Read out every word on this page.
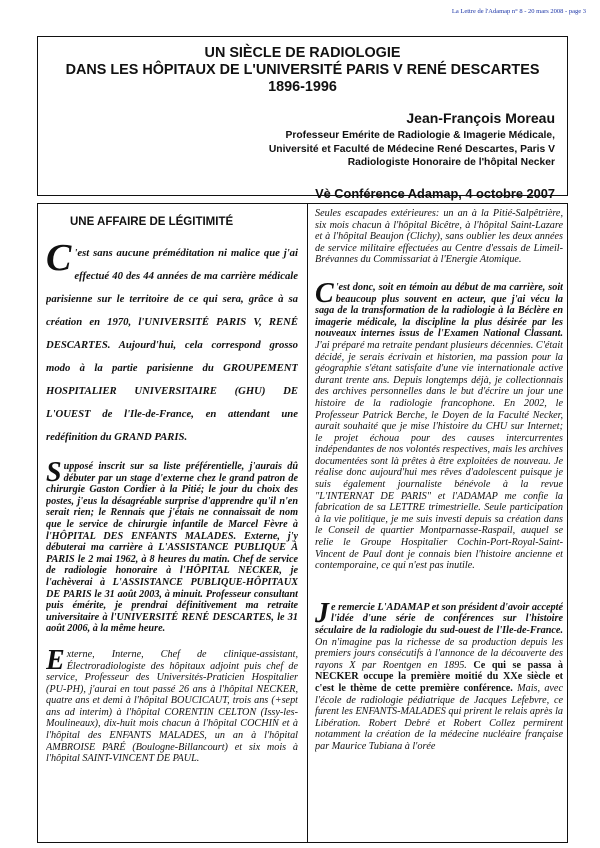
La Lettre de l'Adamap n° 8 - 20 mars 2008 - page 3
UN SIÈCLE DE RADIOLOGIE
DANS LES HÔPITAUX DE L'UNIVERSITÉ PARIS V RENÉ DESCARTES
1896-1996
Jean-François Moreau
Professeur Emérite de Radiologie & Imagerie Médicale,
Université et Faculté de Médecine René Descartes, Paris V
Radiologiste Honoraire de l'hôpital Necker
Vè Conférence Adamap, 4 octobre 2007
UNE AFFAIRE DE LÉGITIMITÉ

C 'est sans aucune préméditation ni malice que j'ai effectué 40 des 44 années de ma carrière médicale parisienne sur le territoire de ce qui sera, grâce à sa création en 1970, l'UNIVERSITÉ PARIS V, RENÉ DESCARTES. Aujourd'hui, cela correspond grosso modo à la partie parisienne du GROUPEMENT HOSPITALIER UNIVERSITAIRE (GHU) DE L'OUEST de l'Ile-de-France, en attendant une redéfinition du GRAND PARIS.

Supposé inscrit sur sa liste préférentielle, j'aurais dû débuter par un stage d'externe chez le grand patron de chirurgie Gaston Cordier à la Pitié; le jour du choix des postes, j'eus la désagréable surprise d'apprendre qu'il n'en serait rien; le Rennais que j'étais ne connaissait de nom que le service de chirurgie infantile de Marcel Fèvre à l'HÔPITAL DES ENFANTS MALADES. Externe, j'y débuterai ma carrière à L'ASSISTANCE PUBLIQUE À PARIS le 2 mai 1962, à 8 heures du matin. Chef de service de radiologie honoraire à l'HÔPITAL NECKER, je l'achèverai à L'ASSISTANCE PUBLIQUE-HÔPITAUX DE PARIS le 31 août 2003, à minuit. Professeur consultant puis émérite, je prendrai définitivement ma retraite universitaire à l'UNIVERSITÉ RENÉ DESCARTES, le 31 août 2006, à la même heure.

Externe, Interne, Chef de clinique-assistant, Électroradiologiste des hôpitaux adjoint puis chef de service, Professeur des Universités-Praticien Hospitalier (PU-PH), j'aurai en tout passé 26 ans à l'hôpital NECKER, quatre ans et demi à l'hôpital BOUCICAUT, trois ans (+sept ans ad interim) à l'hôpital CORENTIN CELTON (Issy-les-Moulineaux), dix-huit mois chacun à l'hôpital COCHIN et à l'hôpital des ENFANTS MALADES, un an à l'hôpital AMBROISE PARÉ (Boulogne-Billancourt) et six mois à l'hôpital SAINT-VINCENT DE PAUL.

Seules escapades extérieures: un an à la Pitié-Salpêtrière, six mois chacun à l'hôpital Bicêtre, à l'hôpital Saint-Lazare et à l'hôpital Beaujon (Clichy), sans oublier les deux années de service militaire effectuées au Centre d'essais de Limeil-Brévannes du Commissariat à l'Energie Atomique.

C 'est donc, soit en témoin au début de ma carrière, soit beaucoup plus souvent en acteur, que j'ai vécu la saga de la transformation de la radiologie à la Béclère en imagerie médicale, la discipline la plus désirée par les nouveaux internes issus de l'Examen National Classant. J'ai préparé ma retraite pendant plusieurs décennies. C'était décidé, je serais écrivain et historien, ma passion pour la géographie s'étant satisfaite d'une vie internationale active durant trente ans. Depuis longtemps déjà, je collectionnais des archives personnelles dans le but d'écrire un jour une histoire de la radiologie francophone. En 2002, le Professeur Patrick Berche, le Doyen de la Faculté Necker, aurait souhaité que je mise l'histoire du CHU sur Internet; le projet échoua pour des causes intercurrentes indépendantes de nos volontés respectives, mais les archives documentées sont là prêtes à être exploitées de nouveau. Je réalise donc aujourd'hui mes rêves d'adolescent puisque je suis également journaliste bénévole à la revue "L'INTERNAT DE PARIS" et l'ADAMAP me confie la fabrication de sa LETTRE trimestrielle. Seule participation à la vie politique, je me suis investi depuis sa création dans le Conseil de quartier Montparnasse-Raspail, auquel se relie le Groupe Hospitalier Cochin-Port-Royal-Saint-Vincent de Paul dont je connais bien l'histoire ancienne et contemporaine, ce qui n'est pas inutile.

Je remercie L'ADAMAP et son président d'avoir accepté l'idée d'une série de conférences sur l'histoire séculaire de la radiologie du sud-ouest de l'Ile-de-France. On n'imagine pas la richesse de sa production depuis les premiers jours consécutifs à l'annonce de la découverte des rayons X par Roentgen en 1895. Ce qui se passa à NECKER occupe la première moitié du XXe siècle et c'est le thème de cette première conférence. Mais, avec l'école de radiologie pédiatrique de Jacques Lefebvre, ce furent les ENFANTS-MALADES qui prirent le relais après la Libération. Robert Debré et Robert Collez permirent notamment la création de la médecine nucléaire française par Maurice Tubiana à l'orée
